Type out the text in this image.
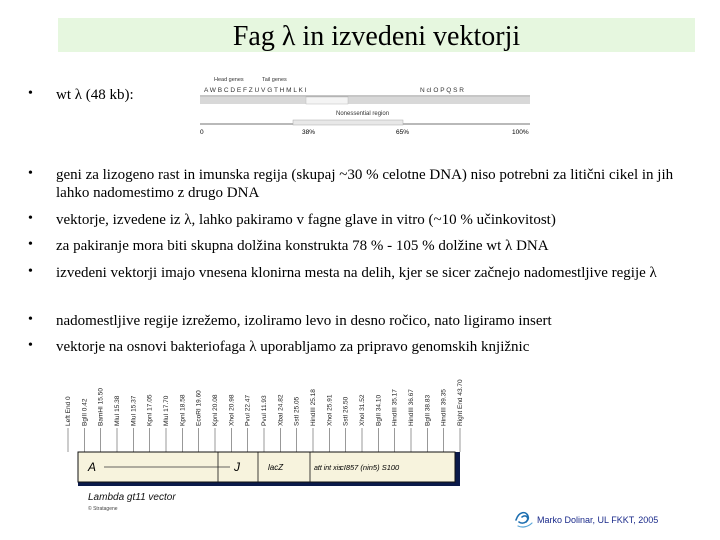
Fag λ in izvedeni vektorji
• wt λ (48 kb):
• geni za lizogeno rast in imunska regija (skupaj ~30 % celotne DNA) niso potrebni za litični cikel in jih lahko nadomestimo z drugo DNA
• vektorje, izvedene iz λ, lahko pakiramo v fagne glave in vitro (~10 % učinkovitost)
• za pakiranje mora biti skupna dolžina konstrukta 78 % - 105 % dolžine wt λ DNA
• izvedeni vektorji imajo vnesena klonirna mesta na delih, kjer se sicer začnejo nadomestljive regije λ
• nadomestljive regije izrežemo, izoliramo levo in desno ročico, nato ligiramo insert
• vektorje na osnovi bakteriofaga λ uporabljamo za pripravo genomskih knjižnic
Head genes	Tail genes
A W B C D E F Z U V G T H M L K I	N cI O P Q S R
Nonessential region
0	38%	65%	100%
Left End 0 BglII 0.42 BamHI 15.50 MluI 15.38 MluI 15.37 KpnI 17.05 MluI 17.70 KpnI 18.58 EcoRI 19.60 KpnI 20.08 XhoI 20.98 PvuI 22.47 PvuI 11.93 XbaI 24.82 SstI 25.05 HindIII 25.18 XhoI 25.91 SstI 26.50 XhoI 31.52 BglII 34.10 HindIII 35.17 HindIII 36.67 BglII 38.83 HindIII 39.35 Right End 43.70
A	J	lacZ	att int xis
cI857 (nin5) S100
Lambda gt11 vector
© Stratagene
Marko Dolinar, UL FKKT, 2005
